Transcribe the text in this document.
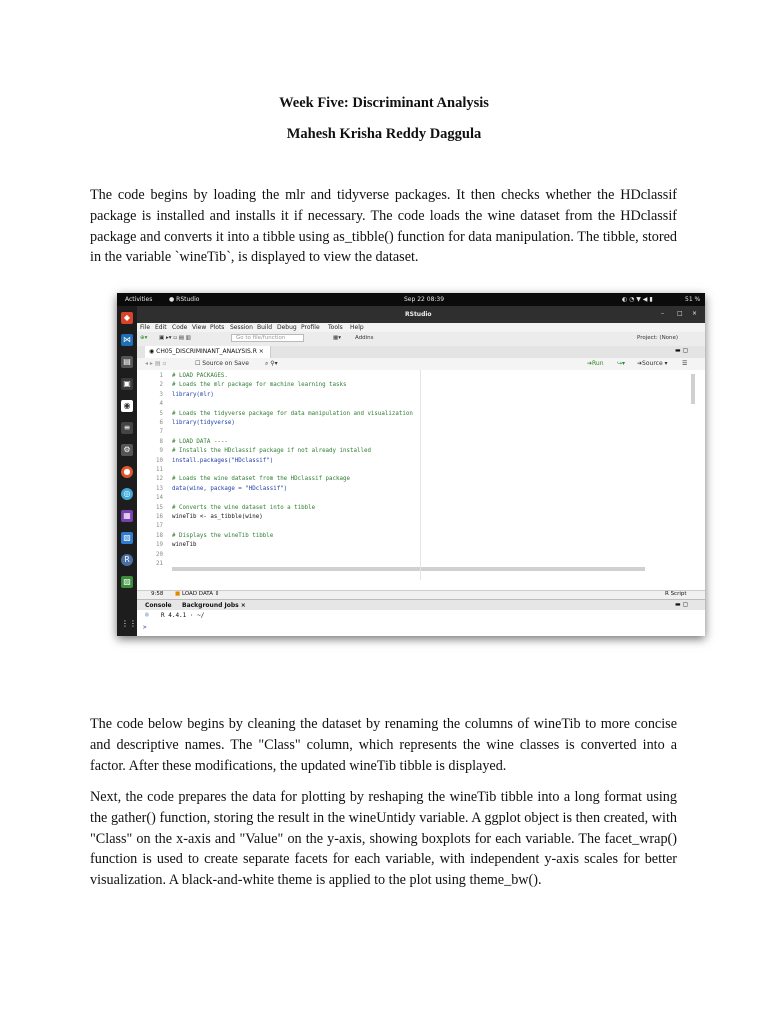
Week Five: Discriminant Analysis
Mahesh Krisha Reddy Daggula

The code begins by loading the mlr and tidyverse packages. It then checks whether the HDclassif package is installed and installs it if necessary. The code loads the wine dataset from the HDclassif package and converts it into a tibble using as_tibble() function for data manipulation. The tibble, stored in the variable `wineTib`, is displayed to view the dataset.

Activities	● RStudio	Sep 22 08:39	◐ ◔ ▼ ◀ ▮	51 %
◆
⋈
▤
▣
◉
≡
⚙
●
◎
▦
▧
R
▨
⋮⋮
RStudio	– □ ×
File Edit Code View Plots Session Build Debug Profile Tools Help
⊕▾ ▣ ▸▾ ▫ ▤ ▥	Go to file/function	▦▾	Addins	Project: (None)
◉ CH05_DISCRIMINANT_ANALYSIS.R ×	▬ ▢
◂ ▸ ▤ ▫	☐ Source on Save	⌕ ⚲▾	➔Run ↪▾ ➔Source ▾ ☰
1 # LOAD PACKAGES.
2 # Loads the mlr package for machine learning tasks
3 library(mlr)
4
5 # Loads the tidyverse package for data manipulation and visualization
6 library(tidyverse)
7
8 # LOAD DATA ----
9 # Installs the HDclassif package if not already installed
10 install.packages("HDclassif")
11
12 # Loads the wine dataset from the HDclassif package
13 data(wine, package = "HDclassif")
14
15 # Converts the wine dataset into a tibble
16 wineTib <- as_tibble(wine)
17
18 # Displays the wineTib tibble
19 wineTib
20
21
9:58 ■ LOAD DATA ⇕	R Script
Console Background Jobs ×	▬ ▢
® R 4.4.1 · ~/
>

The code below begins by cleaning the dataset by renaming the columns of wineTib to more concise and descriptive names. The "Class" column, which represents the wine classes is converted into a factor. After these modifications, the updated wineTib tibble is displayed.

Next, the code prepares the data for plotting by reshaping the wineTib tibble into a long format using the gather() function, storing the result in the wineUntidy variable. A ggplot object is then created, with "Class" on the x-axis and "Value" on the y-axis, showing boxplots for each variable. The facet_wrap() function is used to create separate facets for each variable, with independent y-axis scales for better visualization. A black-and-white theme is applied to the plot using theme_bw().
